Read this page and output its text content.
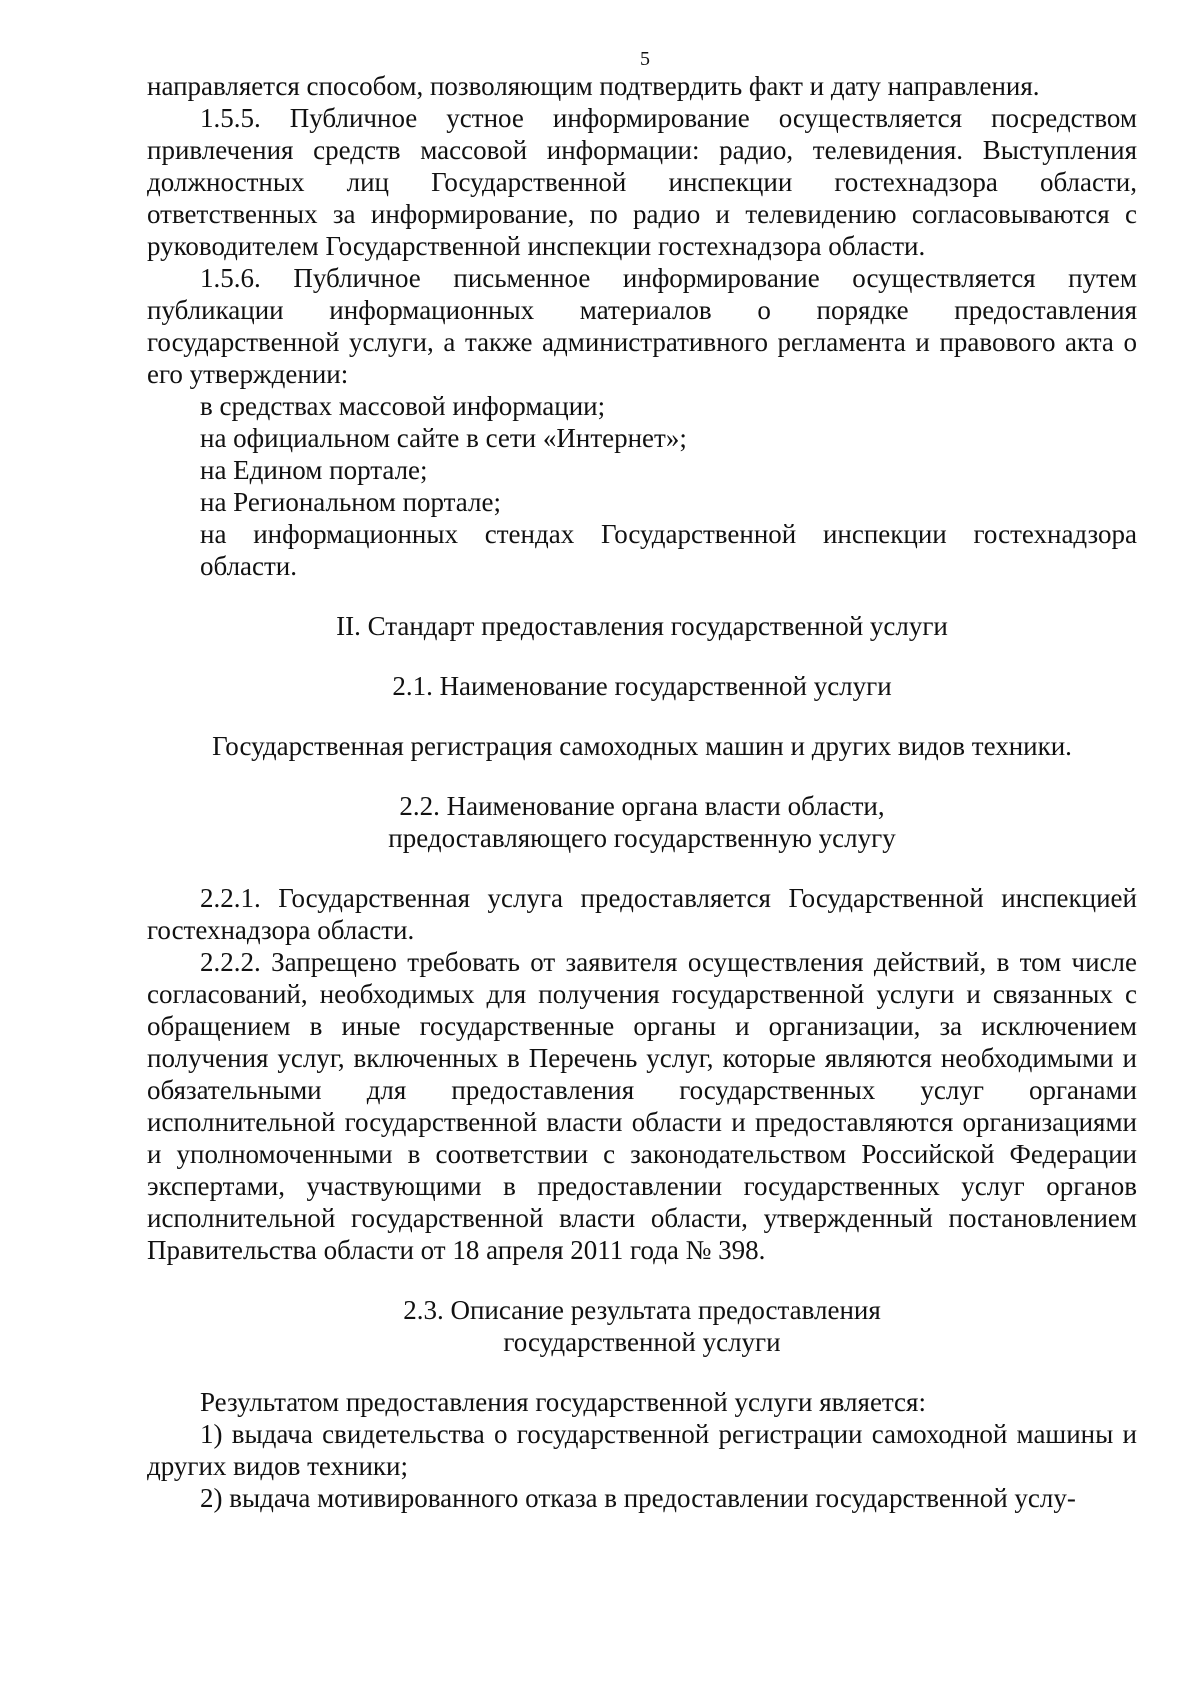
5

направляется способом, позволяющим подтвердить факт и дату направления.

1.5.5. Публичное устное информирование осуществляется посредством привлечения средств массовой информации: радио, телевидения. Выступления должностных лиц Государственной инспекции гостехнадзора области, ответственных за информирование, по радио и телевидению согласовываются с руководителем Государственной инспекции гостехнадзора области.

1.5.6. Публичное письменное информирование осуществляется путем публикации информационных материалов о порядке предоставления государственной услуги, а также административного регламента и правового акта о его утверждении:

в средствах массовой информации;

на официальном сайте в сети «Интернет»;

на Едином портале;

на Региональном портале;

на информационных стендах Государственной инспекции гостехнадзора области.

II. Стандарт предоставления государственной услуги

2.1. Наименование государственной услуги

Государственная регистрация самоходных машин и других видов техники.

2.2. Наименование органа власти области,

предоставляющего государственную услугу

2.2.1. Государственная услуга предоставляется Государственной инспекцией гостехнадзора области.

2.2.2. Запрещено требовать от заявителя осуществления действий, в том числе согласований, необходимых для получения государственной услуги и связанных с обращением в иные государственные органы и организации, за исключением получения услуг, включенных в Перечень услуг, которые являются необходимыми и обязательными для предоставления государственных услуг органами исполнительной государственной власти области и предоставляются организациями и уполномоченными в соответствии с законодательством Российской Федерации экспертами, участвующими в предоставлении государственных услуг органов исполнительной государственной власти области, утвержденный постановлением Правительства области от 18 апреля 2011 года № 398.

2.3. Описание результата предоставления

государственной услуги

Результатом предоставления государственной услуги является:

1) выдача свидетельства о государственной регистрации самоходной машины и других видов техники;

2) выдача мотивированного отказа в предоставлении государственной услу-
